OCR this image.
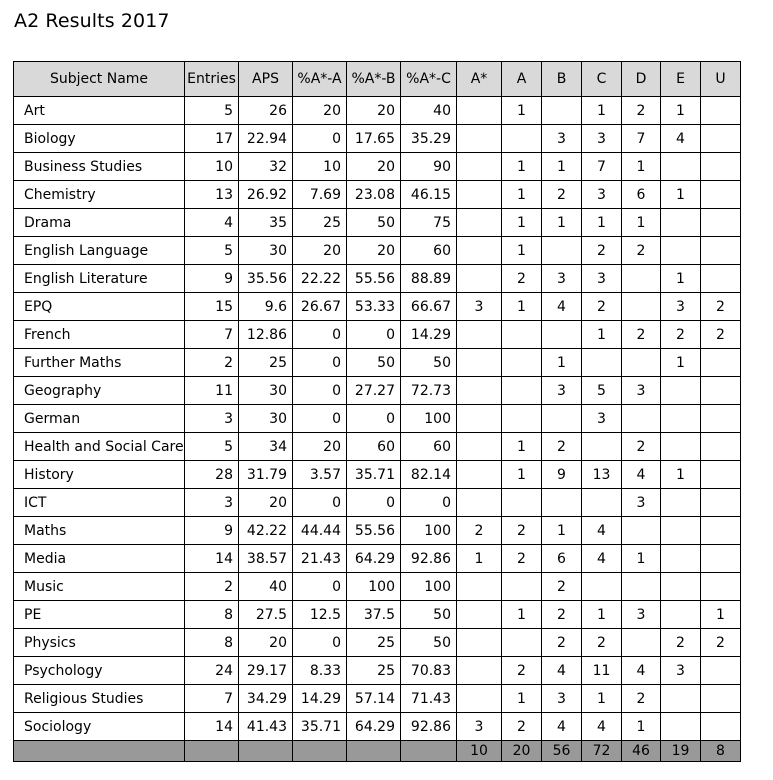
A2 Results 2017
Subject Name	Entries	APS	%A*-A	%A*-B	%A*-C	A*	A	B	C	D	E	U
Art	5	26	20	20	40		1		1	2	1	
Biology	17	22.94	0	17.65	35.29			3	3	7	4	
Business Studies	10	32	10	20	90		1	1	7	1		
Chemistry	13	26.92	7.69	23.08	46.15		1	2	3	6	1	
Drama	4	35	25	50	75		1	1	1	1		
English Language	5	30	20	20	60		1		2	2		
English Literature	9	35.56	22.22	55.56	88.89		2	3	3		1	
EPQ	15	9.6	26.67	53.33	66.67	3	1	4	2		3	2
French	7	12.86	0	0	14.29				1	2	2	2
Further Maths	2	25	0	50	50			1			1	
Geography	11	30	0	27.27	72.73			3	5	3		
German	3	30	0	0	100				3			
Health and Social Care	5	34	20	60	60		1	2		2		
History	28	31.79	3.57	35.71	82.14		1	9	13	4	1	
ICT	3	20	0	0	0					3		
Maths	9	42.22	44.44	55.56	100	2	2	1	4			
Media	14	38.57	21.43	64.29	92.86	1	2	6	4	1		
Music	2	40	0	100	100			2				
PE	8	27.5	12.5	37.5	50		1	2	1	3		1
Physics	8	20	0	25	50			2	2		2	2
Psychology	24	29.17	8.33	25	70.83		2	4	11	4	3	
Religious Studies	7	34.29	14.29	57.14	71.43		1	3	1	2		
Sociology	14	41.43	35.71	64.29	92.86	3	2	4	4	1		
						10	20	56	72	46	19	8
